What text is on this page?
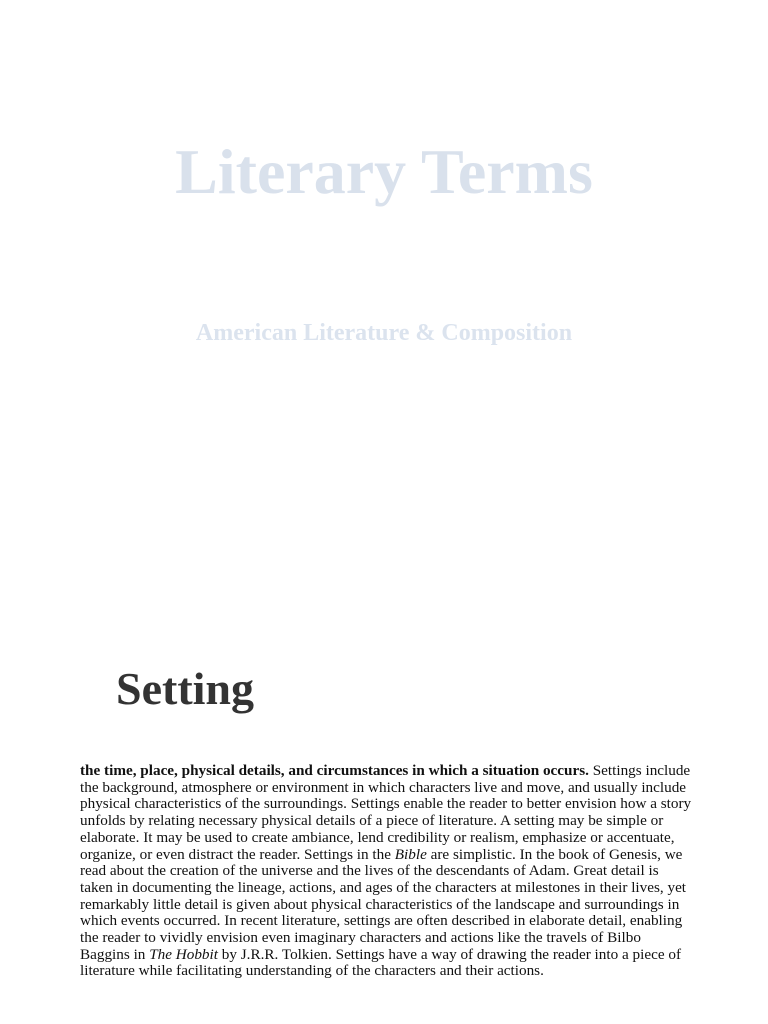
Literary Terms
American Literature & Composition
Setting

the time, place, physical details, and circumstances in which a situation occurs. Settings include the background, atmosphere or environment in which characters live and move, and usually include physical characteristics of the surroundings. Settings enable the reader to better envision how a story unfolds by relating necessary physical details of a piece of literature. A setting may be simple or elaborate. It may be used to create ambiance, lend credibility or realism, emphasize or accentuate, organize, or even distract the reader. Settings in the Bible are simplistic. In the book of Genesis, we read about the creation of the universe and the lives of the descendants of Adam. Great detail is taken in documenting the lineage, actions, and ages of the characters at milestones in their lives, yet remarkably little detail is given about physical characteristics of the landscape and surroundings in which events occurred. In recent literature, settings are often described in elaborate detail, enabling the reader to vividly envision even imaginary characters and actions like the travels of Bilbo Baggins in The Hobbit by J.R.R. Tolkien. Settings have a way of drawing the reader into a piece of literature while facilitating understanding of the characters and their actions.
